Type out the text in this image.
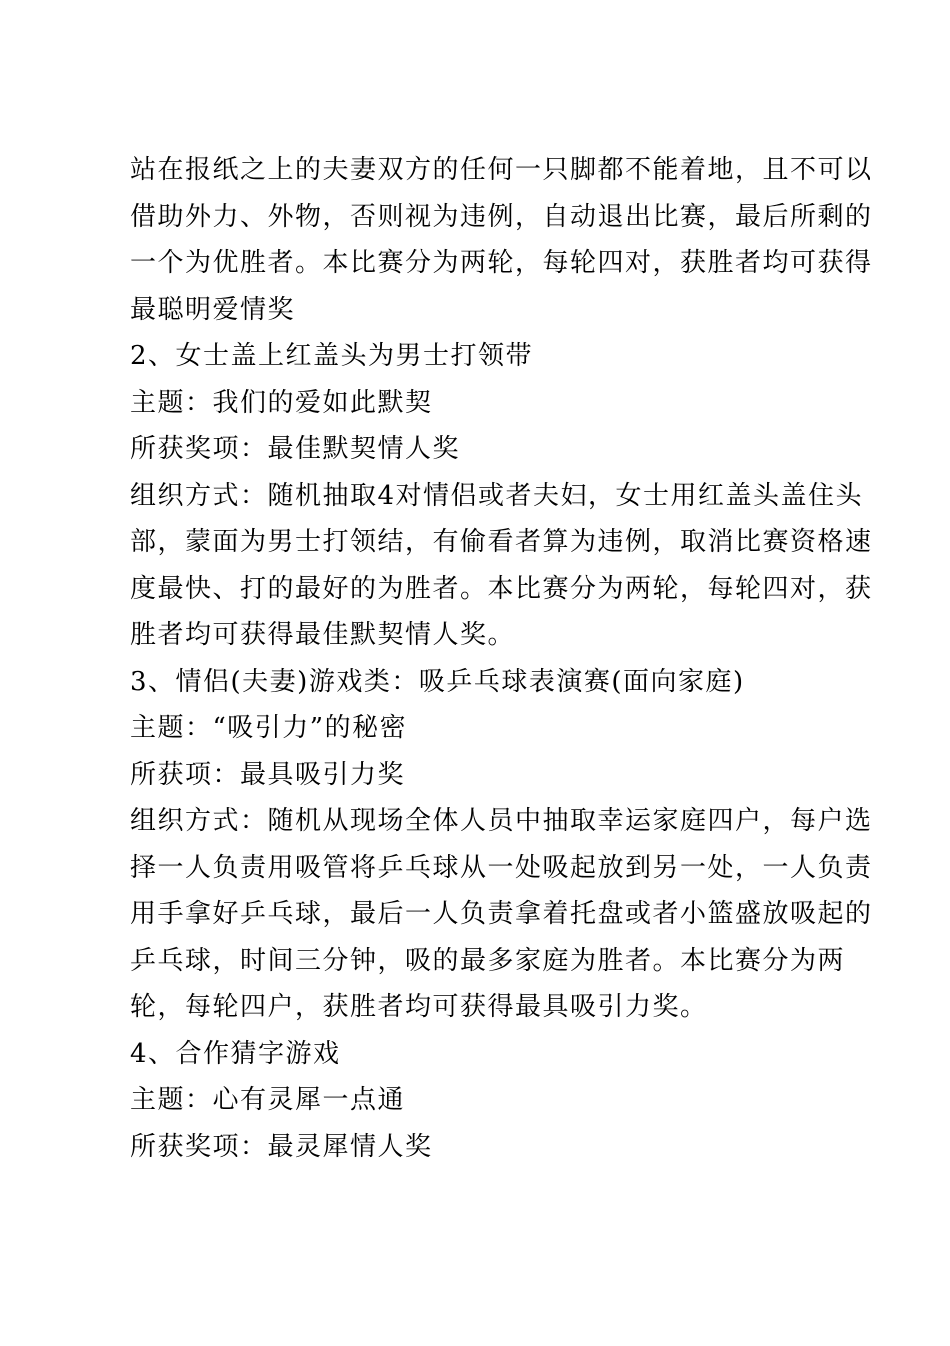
站在报纸之上的夫妻双方的任何一只脚都不能着地，且不可以
借助外力、外物，否则视为违例，自动退出比赛，最后所剩的
一个为优胜者。本比赛分为两轮，每轮四对，获胜者均可获得
最聪明爱情奖
2、女士盖上红盖头为男士打领带
主题：我们的爱如此默契
所获奖项：最佳默契情人奖
组织方式：随机抽取4对情侣或者夫妇，女士用红盖头盖住头
部，蒙面为男士打领结，有偷看者算为违例，取消比赛资格速
度最快、打的最好的为胜者。本比赛分为两轮，每轮四对，获
胜者均可获得最佳默契情人奖。
3、情侣(夫妻)游戏类：吸乒乓球表演赛(面向家庭)
主题：“吸引力”的秘密
所获项：最具吸引力奖
组织方式：随机从现场全体人员中抽取幸运家庭四户，每户选
择一人负责用吸管将乒乓球从一处吸起放到另一处，一人负责
用手拿好乒乓球，最后一人负责拿着托盘或者小篮盛放吸起的
乒乓球，时间三分钟，吸的最多家庭为胜者。本比赛分为两
轮，每轮四户，获胜者均可获得最具吸引力奖。
4、合作猜字游戏
主题：心有灵犀一点通
所获奖项：最灵犀情人奖
